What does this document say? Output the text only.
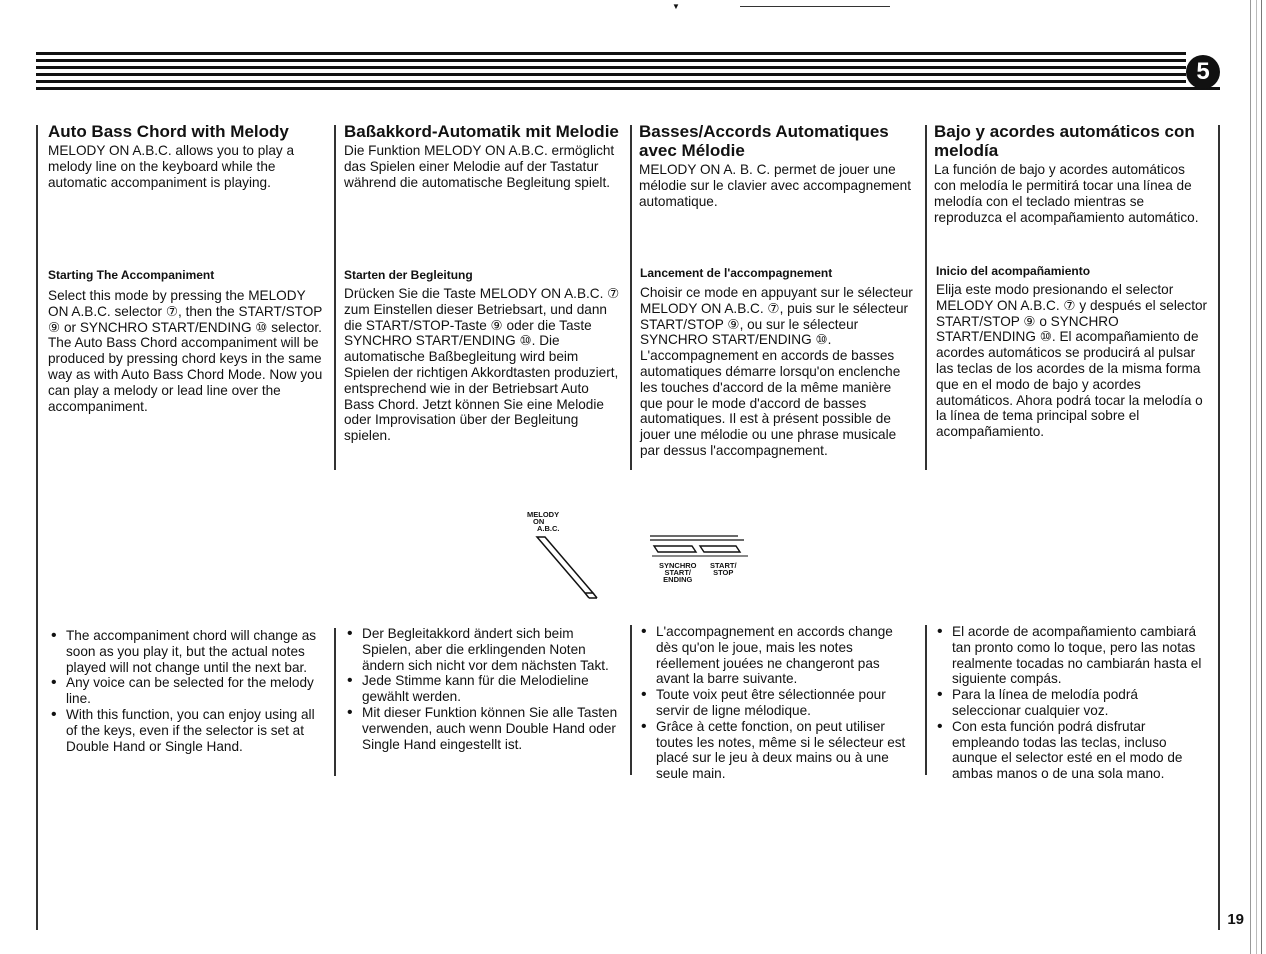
5
Auto Bass Chord with Melody

MELODY ON A.B.C. allows you to play a melody line on the keyboard while the automatic accompaniment is playing.

Starting The Accompaniment

Select this mode by pressing the MELODY ON A.B.C. selector ⑦, then the START/STOP ⑨ or SYNCHRO START/ENDING ⑩ selector. The Auto Bass Chord accompaniment will be produced by pressing chord keys in the same way as with Auto Bass Chord Mode. Now you can play a melody or lead line over the accompaniment.

• The accompaniment chord will change as soon as you play it, but the actual notes played will not change until the next bar.
• Any voice can be selected for the melody line.
• With this function, you can enjoy using all of the keys, even if the selector is set at Double Hand or Single Hand.
Baßakkord-Automatik mit Melodie

Die Funktion MELODY ON A.B.C. ermöglicht das Spielen einer Melodie auf der Tastatur während die automatische Begleitung spielt.

Starten der Begleitung

Drücken Sie die Taste MELODY ON A.B.C. ⑦ zum Einstellen dieser Betriebsart, und dann die START/STOP-Taste ⑨ oder die Taste SYNCHRO START/ENDING ⑩. Die automatische Baßbegleitung wird beim Spielen der richtigen Akkordtasten produziert, entsprechend wie in der Betriebsart Auto Bass Chord. Jetzt können Sie eine Melodie oder Improvisation über der Begleitung spielen.

• Der Begleitakkord ändert sich beim Spielen, aber die erklingenden Noten ändern sich nicht vor dem nächsten Takt.
• Jede Stimme kann für die Melodieline gewählt werden.
• Mit dieser Funktion können Sie alle Tasten verwenden, auch wenn Double Hand oder Single Hand eingestellt ist.
Basses/Accords Automatiques avec Mélodie

MELODY ON A. B. C. permet de jouer une mélodie sur le clavier avec accompagnement automatique.

Lancement de l'accompagnement

Choisir ce mode en appuyant sur le sélecteur MELODY ON A.B.C. ⑦, puis sur le sélecteur START/STOP ⑨, ou sur le sélecteur SYNCHRO START/ENDING ⑩. L'accompagnement en accords de basses automatiques démarre lorsqu'on enclenche les touches d'accord de la même manière que pour le mode d'accord de basses automatiques. Il est à présent possible de jouer une mélodie ou une phrase musicale par dessus l'accompagnement.

• L'accompagnement en accords change dès qu'on le joue, mais les notes réellement jouées ne changeront pas avant la barre suivante.
• Toute voix peut être sélectionnée pour servir de ligne mélodique.
• Grâce à cette fonction, on peut utiliser toutes les notes, même si le sélecteur est placé sur le jeu à deux mains ou à une seule main.
Bajo y acordes automáticos con melodía

La función de bajo y acordes automáticos con melodía le permitirá tocar una línea de melodía con el teclado mientras se reproduzca el acompañamiento automático.

Inicio del acompañamiento

Elija este modo presionando el selector MELODY ON A.B.C. ⑦ y después el selector START/STOP ⑨ o SYNCHRO START/ENDING ⑩. El acompañamiento de acordes automáticos se producirá al pulsar las teclas de los acordes de la misma forma que en el modo de bajo y acordes automáticos. Ahora podrá tocar la melodía o la línea de tema principal sobre el acompañamiento.

• El acorde de acompañamiento cambiará tan pronto como lo toque, pero las notas realmente tocadas no cambiarán hasta el siguiente compás.
• Para la línea de melodía podrá seleccionar cualquier voz.
• Con esta función podrá disfrutar empleando todas las teclas, incluso aunque el selector esté en el modo de ambas manos o de una sola mano.
MELODY
ON
A.B.C.
SYNCHRO
START/
ENDING
START/
STOP
▼
19
